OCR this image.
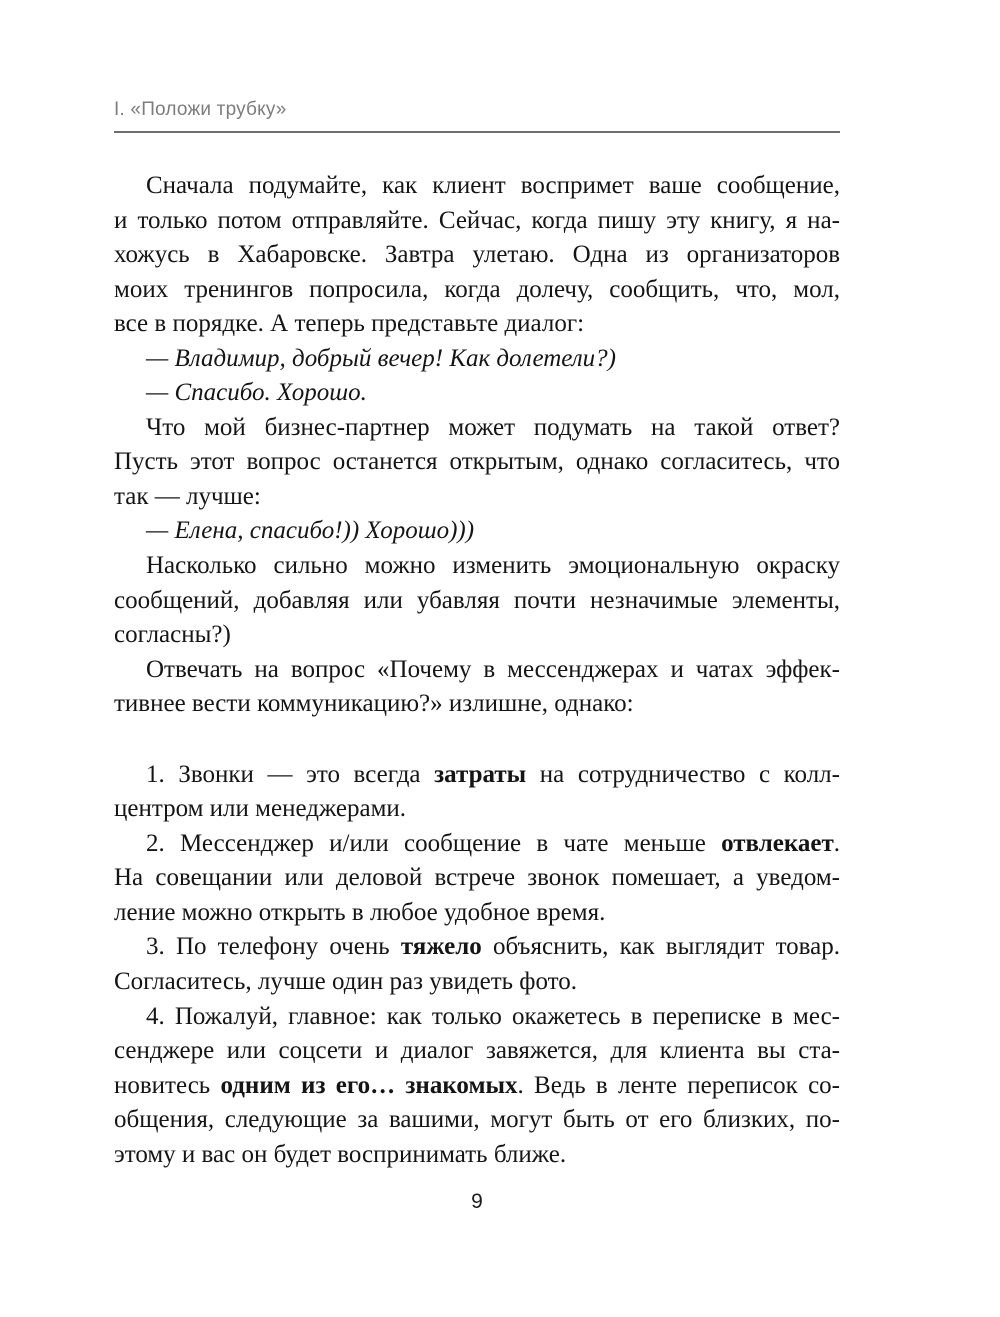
I. «Положи трубку»
Сначала подумайте, как клиент воспримет ваше сообщение,
и только потом отправляйте. Сейчас, когда пишу эту книгу, я на-
хожусь в Хабаровске. Завтра улетаю. Одна из организаторов
моих тренингов попросила, когда долечу, сообщить, что, мол,
все в порядке. А теперь представьте диалог:
— Владимир, добрый вечер! Как долетели?)
— Спасибо. Хорошо.
Что мой бизнес-партнер может подумать на такой ответ?
Пусть этот вопрос останется открытым, однако согласитесь, что
так — лучше:
— Елена, спасибо!)) Хорошо)))
Насколько сильно можно изменить эмоциональную окраску
сообщений, добавляя или убавляя почти незначимые элементы,
согласны?)
Отвечать на вопрос «Почему в мессенджерах и чатах эффек-
тивнее вести коммуникацию?» излишне, однако:
1. Звонки — это всегда затраты на сотрудничество с колл-
центром или менеджерами.
2. Мессенджер и/или сообщение в чате меньше отвлекает.
На совещании или деловой встрече звонок помешает, а уведом-
ление можно открыть в любое удобное время.
3. По телефону очень тяжело объяснить, как выглядит товар.
Согласитесь, лучше один раз увидеть фото.
4. Пожалуй, главное: как только окажетесь в переписке в мес-
сенджере или соцсети и диалог завяжется, для клиента вы ста-
новитесь одним из его… знакомых. Ведь в ленте переписок со-
общения, следующие за вашими, могут быть от его близких, по-
этому и вас он будет воспринимать ближе.
9
